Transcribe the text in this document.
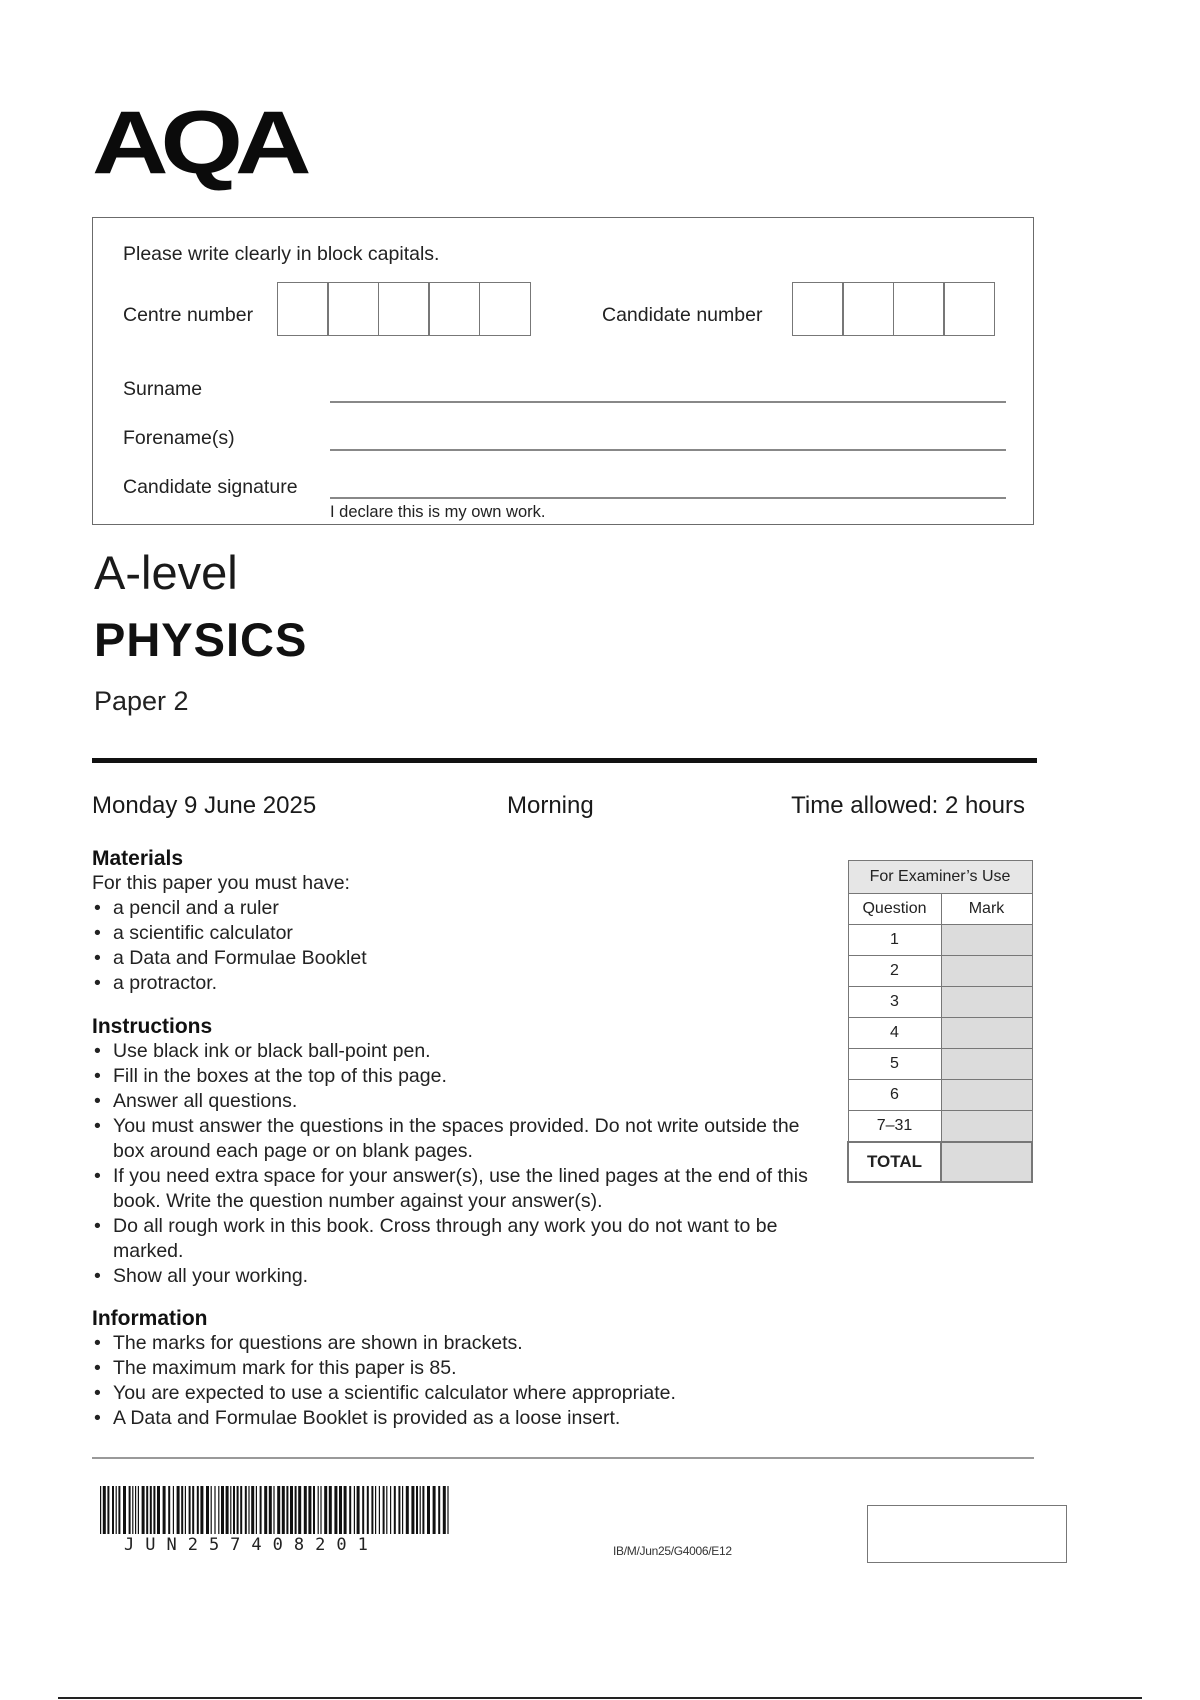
AQA
Please write clearly in block capitals.
Centre number	Candidate number
Surname
Forename(s)
Candidate signature
I declare this is my own work.
A-level
PHYSICS
Paper 2
Monday 9 June 2025	Morning	Time allowed: 2 hours
Materials
For this paper you must have:
• a pencil and a ruler
• a scientific calculator
• a Data and Formulae Booklet
• a protractor.
Instructions
• Use black ink or black ball-point pen.
• Fill in the boxes at the top of this page.
• Answer all questions.
• You must answer the questions in the spaces provided. Do not write outside the box around each page or on blank pages.
• If you need extra space for your answer(s), use the lined pages at the end of this book. Write the question number against your answer(s).
• Do all rough work in this book. Cross through any work you do not want to be marked.
• Show all your working.
Information
• The marks for questions are shown in brackets.
• The maximum mark for this paper is 85.
• You are expected to use a scientific calculator where appropriate.
• A Data and Formulae Booklet is provided as a loose insert.
For Examiner’s Use	
Question	Mark
1	
2	
3	
4	
5	
6	
7–31	
TOTAL	
JUN257408201	IB/M/Jun25/G4006/E12
